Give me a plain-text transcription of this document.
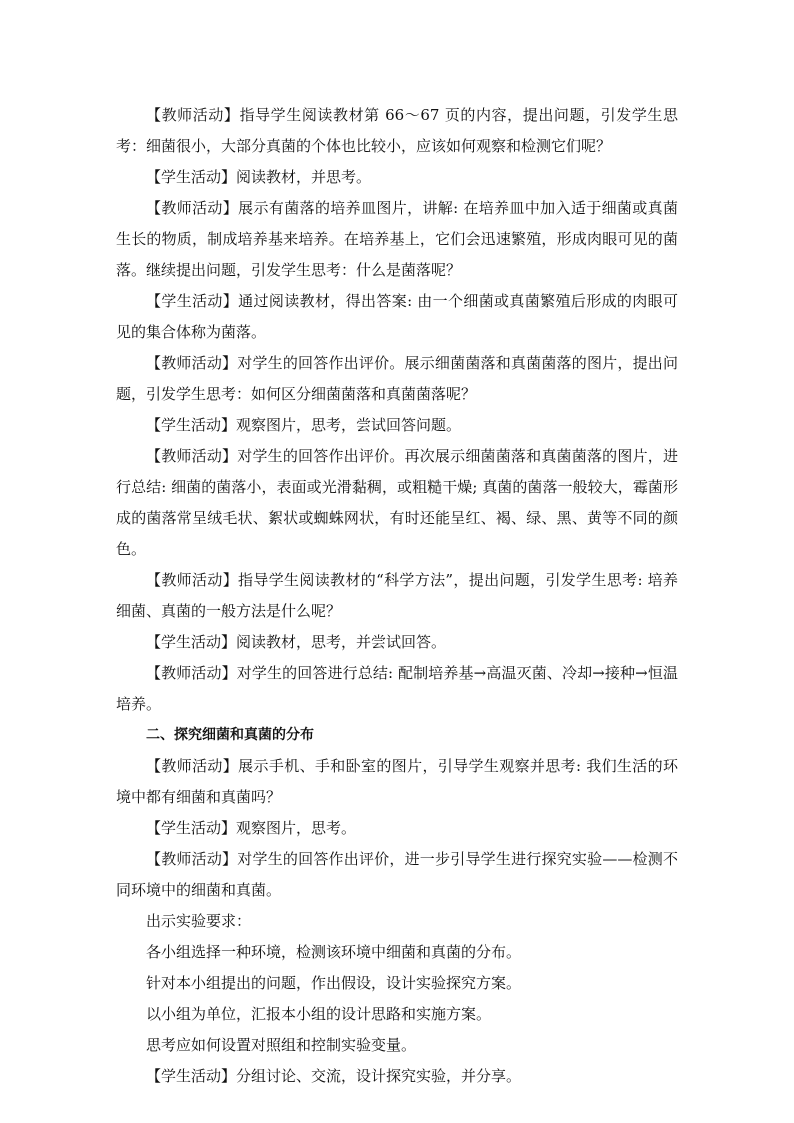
【教师活动】指导学生阅读教材第 66～67 页的内容，提出问题，引发学生思考：细菌很小，大部分真菌的个体也比较小，应该如何观察和检测它们呢？

【学生活动】阅读教材，并思考。

【教师活动】展示有菌落的培养皿图片，讲解: 在培养皿中加入适于细菌或真菌生长的物质，制成培养基来培养。在培养基上，它们会迅速繁殖，形成肉眼可见的菌落。继续提出问题，引发学生思考：什么是菌落呢？

【学生活动】通过阅读教材，得出答案: 由一个细菌或真菌繁殖后形成的肉眼可见的集合体称为菌落。

【教师活动】对学生的回答作出评价。展示细菌菌落和真菌菌落的图片，提出问题，引发学生思考：如何区分细菌菌落和真菌菌落呢？

【学生活动】观察图片，思考，尝试回答问题。

【教师活动】对学生的回答作出评价。再次展示细菌菌落和真菌菌落的图片，进行总结: 细菌的菌落小，表面或光滑黏稠，或粗糙干燥; 真菌的菌落一般较大，霉菌形成的菌落常呈绒毛状、絮状或蜘蛛网状，有时还能呈红、褐、绿、黑、黄等不同的颜色。

【教师活动】指导学生阅读教材的“科学方法”，提出问题，引发学生思考: 培养细菌、真菌的一般方法是什么呢？

【学生活动】阅读教材，思考，并尝试回答。

【教师活动】对学生的回答进行总结: 配制培养基→高温灭菌、冷却→接种→恒温培养。

二、探究细菌和真菌的分布

【教师活动】展示手机、手和卧室的图片，引导学生观察并思考: 我们生活的环境中都有细菌和真菌吗？

【学生活动】观察图片，思考。

【教师活动】对学生的回答作出评价，进一步引导学生进行探究实验——检测不同环境中的细菌和真菌。

出示实验要求：

各小组选择一种环境，检测该环境中细菌和真菌的分布。

针对本小组提出的问题，作出假设，设计实验探究方案。

以小组为单位，汇报本小组的设计思路和实施方案。

思考应如何设置对照组和控制实验变量。

【学生活动】分组讨论、交流，设计探究实验，并分享。
